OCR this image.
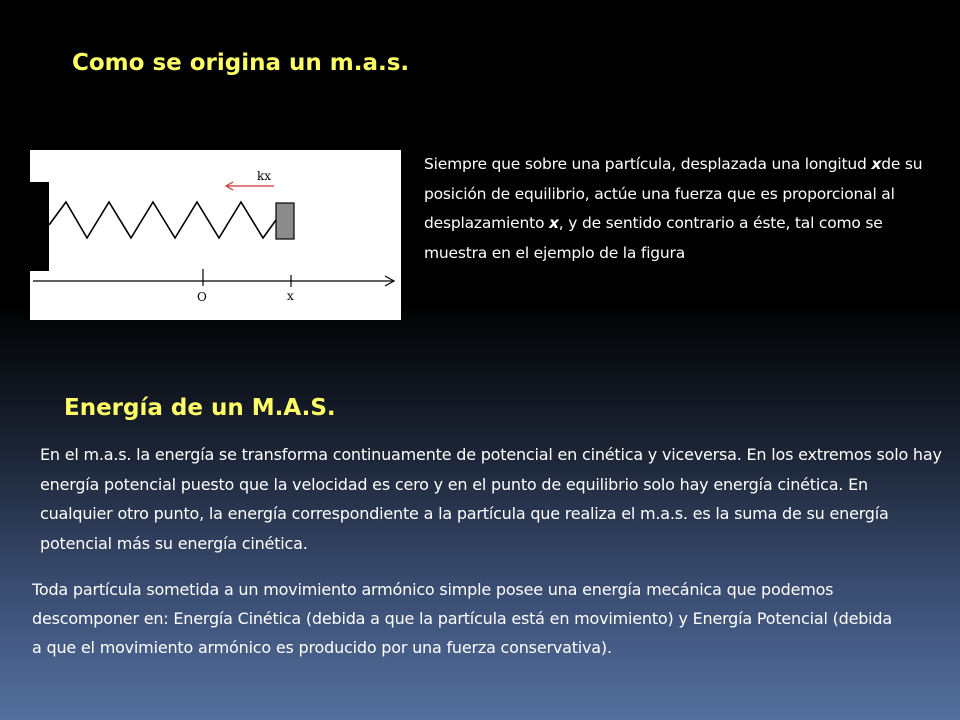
Como se origina un m.a.s.
kx
O	x

Siempre que sobre una partícula, desplazada una longitud xde su posición de equilibrio, actúe una fuerza que es proporcional al desplazamiento x, y de sentido contrario a éste, tal como se muestra en el ejemplo de la figura

Energía de un M.A.S.

En el m.a.s. la energía se transforma continuamente de potencial en cinética y viceversa. En los extremos solo hay energía potencial puesto que la velocidad es cero y en el punto de equilibrio solo hay energía cinética. En cualquier otro punto, la energía correspondiente a la partícula que realiza el m.a.s. es la suma de su energía potencial más su energía cinética.

Toda partícula sometida a un movimiento armónico simple posee una energía mecánica que podemos descomponer en: Energía Cinética (debida a que la partícula está en movimiento) y Energía Potencial (debida a que el movimiento armónico es producido por una fuerza conservativa).
